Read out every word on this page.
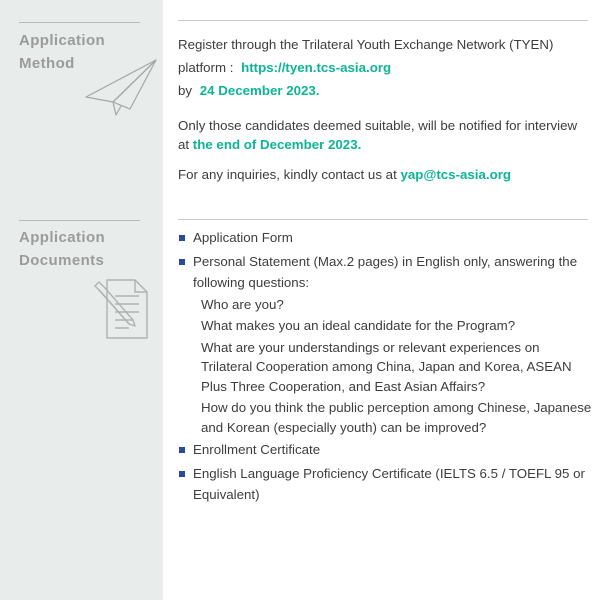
Application
Method
Application
Documents
Register through the Trilateral Youth Exchange Network (TYEN)
platform : https://tyen.tcs-asia.org
by 24 December 2023.
Only those candidates deemed suitable, will be notified for interview
at the end of December 2023.
For any inquiries, kindly contact us at yap@tcs-asia.org
Application Form
Personal Statement (Max.2 pages) in English only, answering the following questions:
Who are you?
What makes you an ideal candidate for the Program?
What are your understandings or relevant experiences on Trilateral Cooperation among China, Japan and Korea, ASEAN Plus Three Cooperation, and East Asian Affairs?
How do you think the public perception among Chinese, Japanese and Korean (especially youth) can be improved?
Enrollment Certificate
English Language Proficiency Certificate (IELTS 6.5 / TOEFL 95 or Equivalent)
